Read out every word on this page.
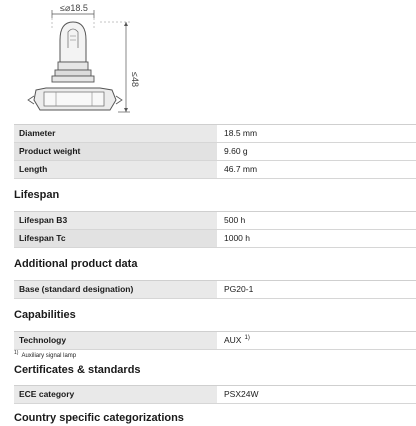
≤⌀18.5
≤48
Diameter	18.5 mm
Product weight	9.60 g
Length	46.7 mm
Lifespan
Lifespan B3	500 h
Lifespan Tc	1000 h
Additional product data
Base (standard designation)	PG20-1
Capabilities
Technology	AUX $^{1)}$
$^{1)}$ Auxiliary signal lamp
Certificates & standards
ECE category	PSX24W
Country specific categorizations
